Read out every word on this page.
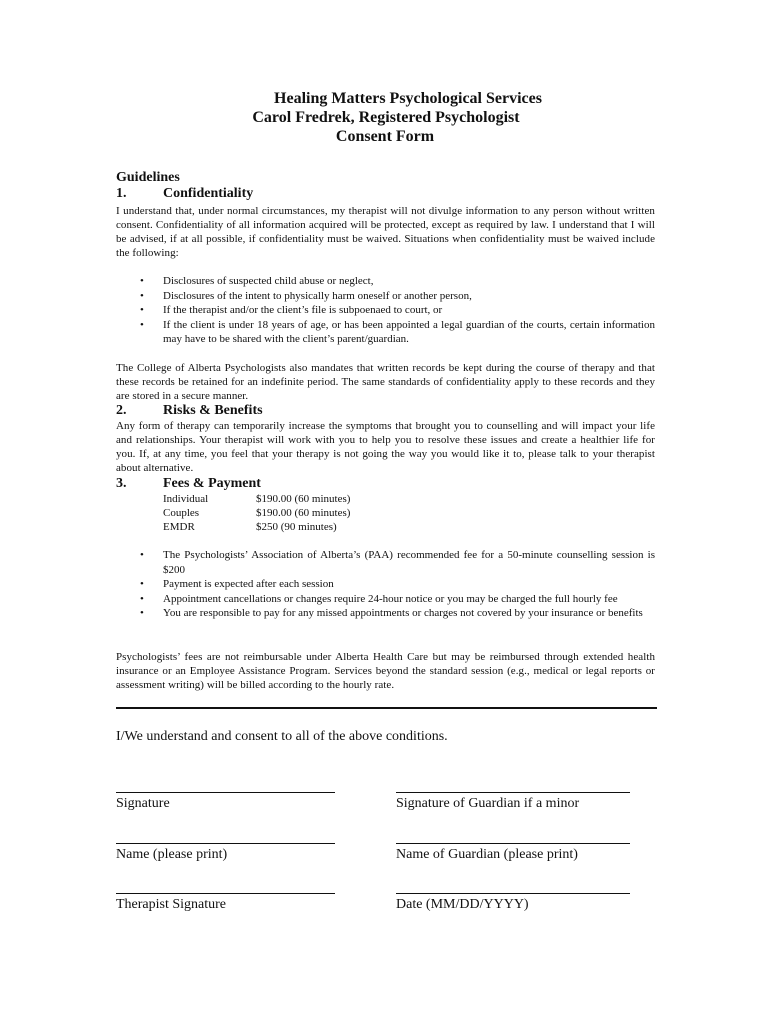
Healing Matters Psychological Services
Carol Fredrek, Registered Psychologist
Consent Form
Guidelines
1.	Confidentiality
I understand that, under normal circumstances, my therapist will not divulge information to any person without written consent. Confidentiality of all information acquired will be protected, except as required by law. I understand that I will be advised, if at all possible, if confidentiality must be waived. Situations when confidentiality must be waived include the following:
• Disclosures of suspected child abuse or neglect,
• Disclosures of the intent to physically harm oneself or another person,
• If the therapist and/or the client’s file is subpoenaed to court, or
• If the client is under 18 years of age, or has been appointed a legal guardian of the courts, certain information may have to be shared with the client’s parent/guardian.
The College of Alberta Psychologists also mandates that written records be kept during the course of therapy and that these records be retained for an indefinite period. The same standards of confidentiality apply to these records and they are stored in a secure manner.
2.	Risks & Benefits
Any form of therapy can temporarily increase the symptoms that brought you to counselling and will impact your life and relationships. Your therapist will work with you to help you to resolve these issues and create a healthier life for you. If, at any time, you feel that your therapy is not going the way you would like it to, please talk to your therapist about alternative.
3.	Fees & Payment
Individual	$190.00 (60 minutes)
Couples	$190.00 (60 minutes)
EMDR	$250 (90 minutes)
• The Psychologists’ Association of Alberta’s (PAA) recommended fee for a 50-minute counselling session is $200
• Payment is expected after each session
• Appointment cancellations or changes require 24-hour notice or you may be charged the full hourly fee
• You are responsible to pay for any missed appointments or charges not covered by your insurance or benefits
Psychologists’ fees are not reimbursable under Alberta Health Care but may be reimbursed through extended health insurance or an Employee Assistance Program. Services beyond the standard session (e.g., medical or legal reports or assessment writing) will be billed according to the hourly rate.
I/We understand and consent to all of the above conditions.
Signature	Signature of Guardian if a minor
Name (please print)	Name of Guardian (please print)
Therapist Signature	Date (MM/DD/YYYY)
